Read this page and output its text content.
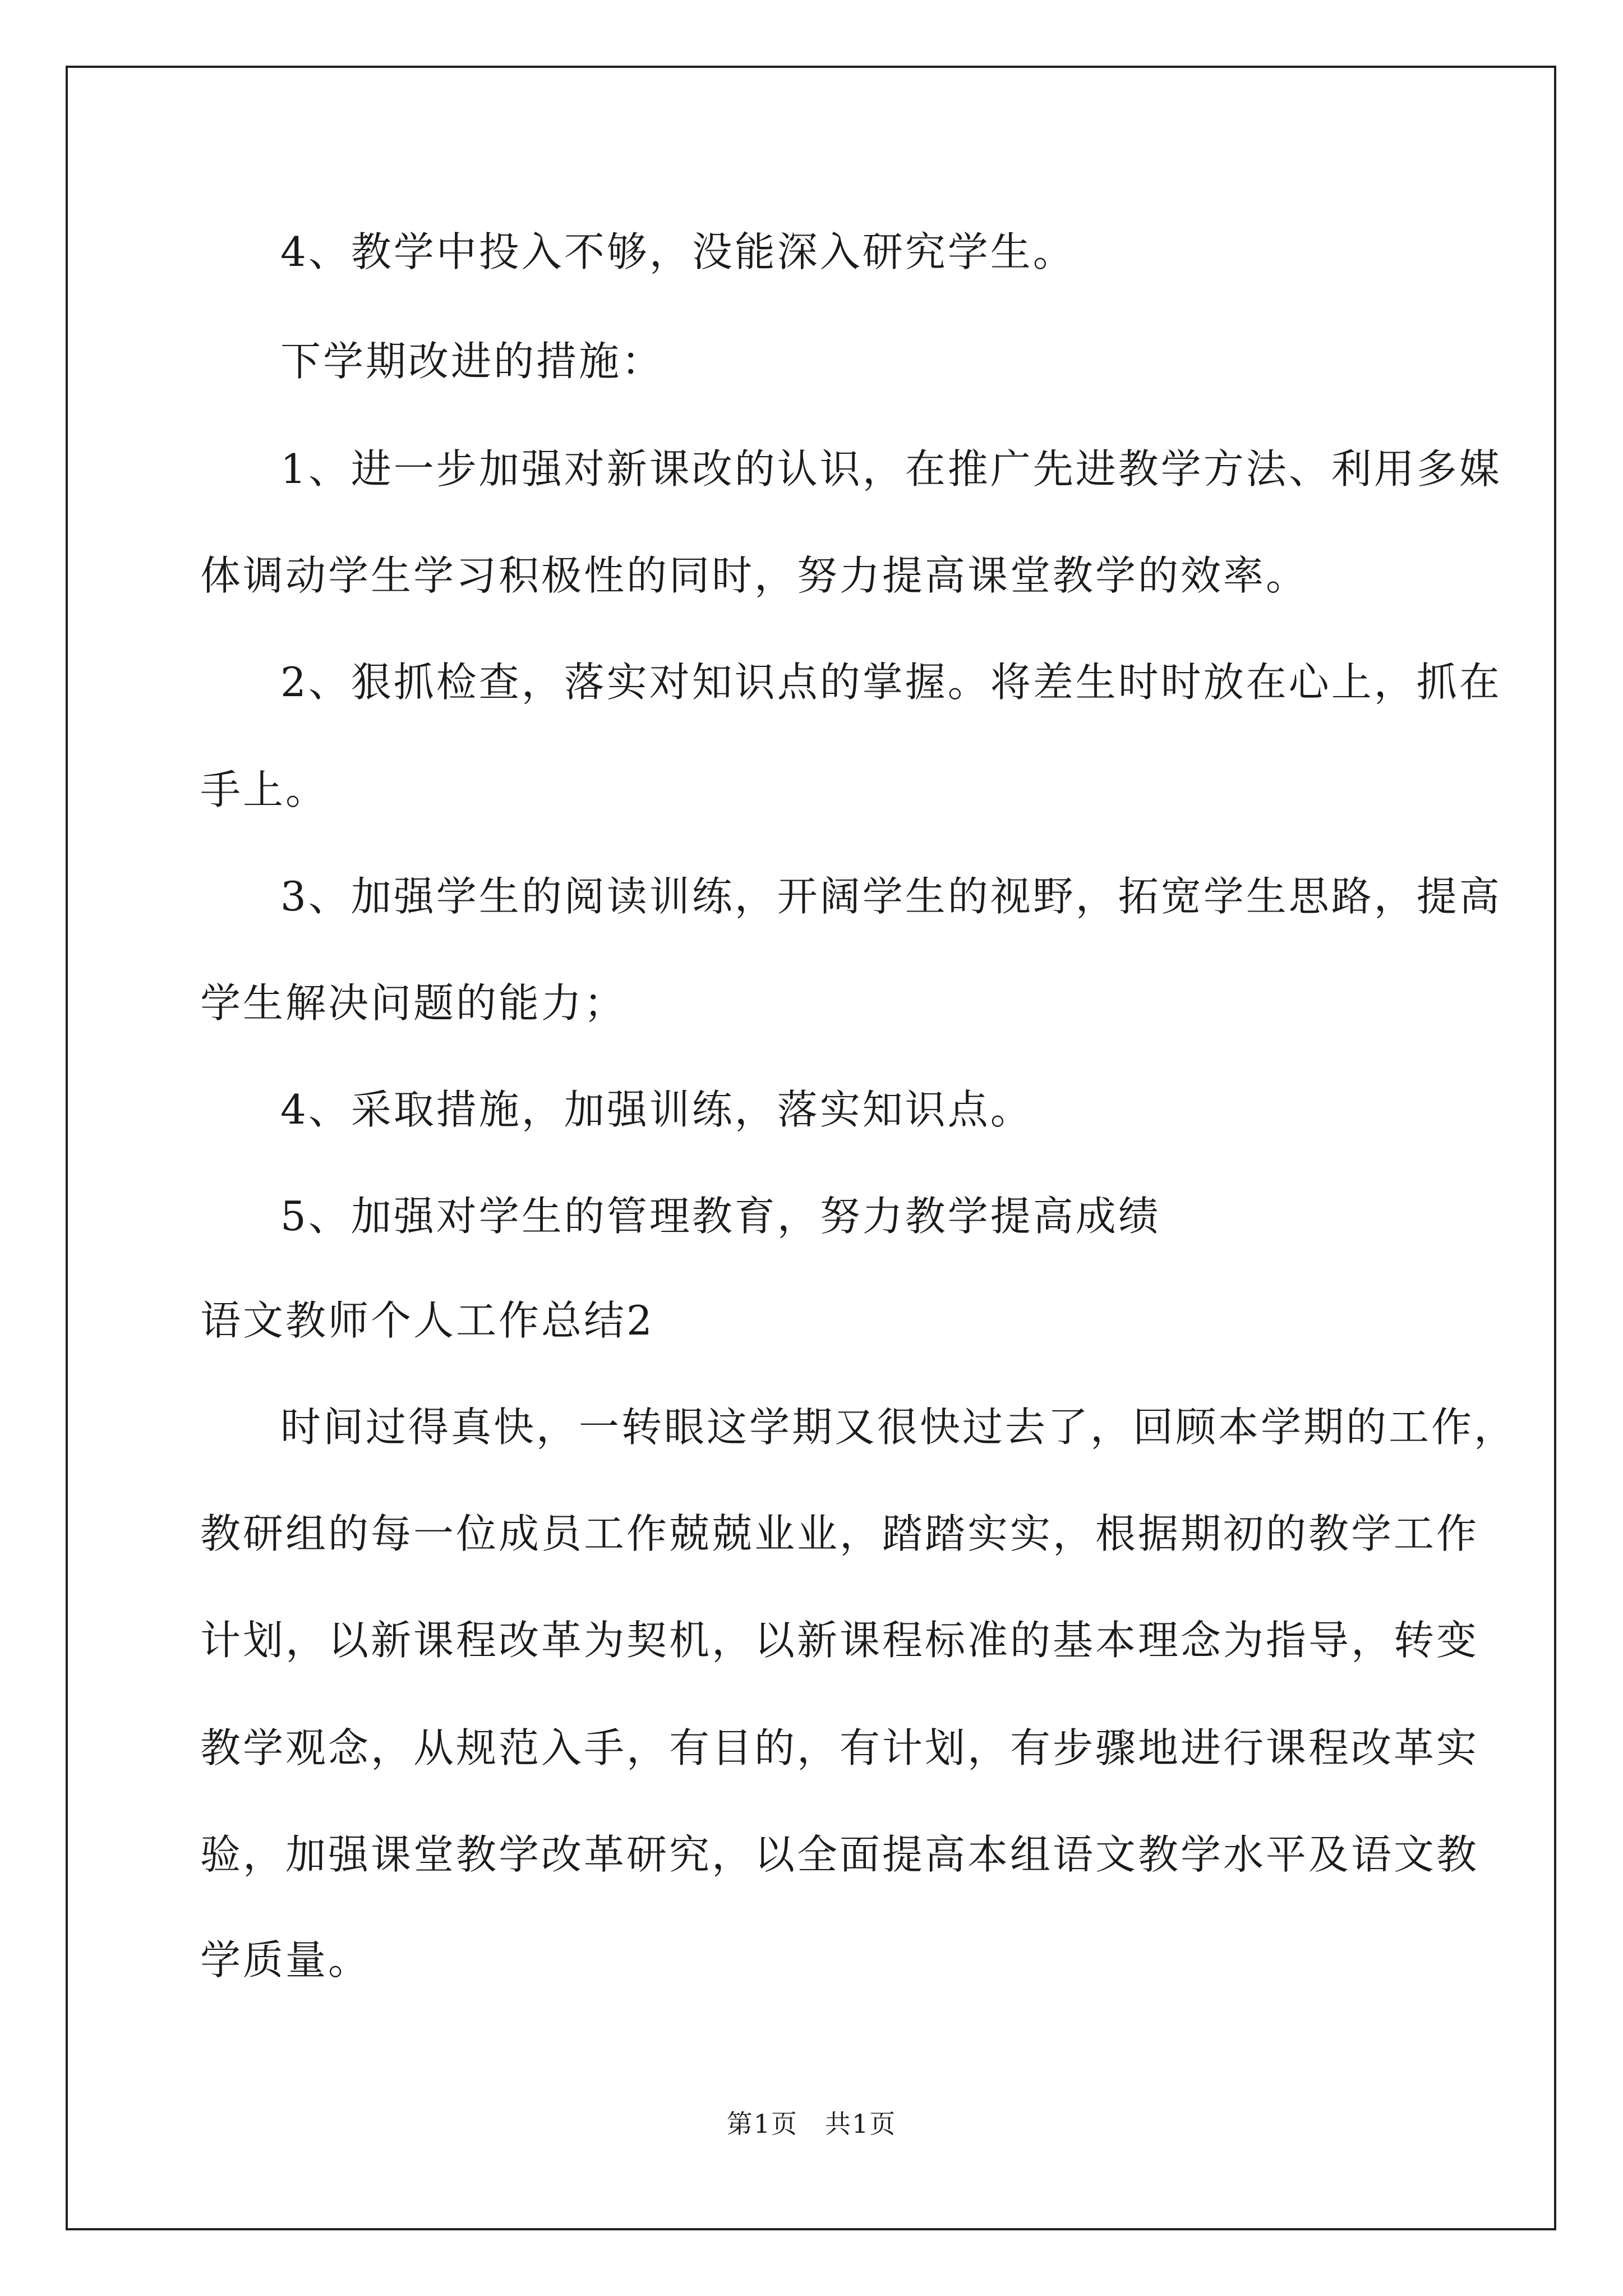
4、教学中投入不够，没能深入研究学生。
下学期改进的措施：
1、进一步加强对新课改的认识，在推广先进教学方法、利用多媒
体调动学生学习积极性的同时，努力提高课堂教学的效率。
2、狠抓检查，落实对知识点的掌握。将差生时时放在心上，抓在
手上。
3、加强学生的阅读训练，开阔学生的视野，拓宽学生思路，提高
学生解决问题的能力；
4、采取措施，加强训练，落实知识点。
5、加强对学生的管理教育，努力教学提高成绩
语文教师个人工作总结2
时间过得真快，一转眼这学期又很快过去了，回顾本学期的工作，
教研组的每一位成员工作兢兢业业，踏踏实实，根据期初的教学工作
计划，以新课程改革为契机，以新课程标准的基本理念为指导，转变
教学观念，从规范入手，有目的，有计划，有步骤地进行课程改革实
验，加强课堂教学改革研究，以全面提高本组语文教学水平及语文教
学质量。
第1页　共1页
